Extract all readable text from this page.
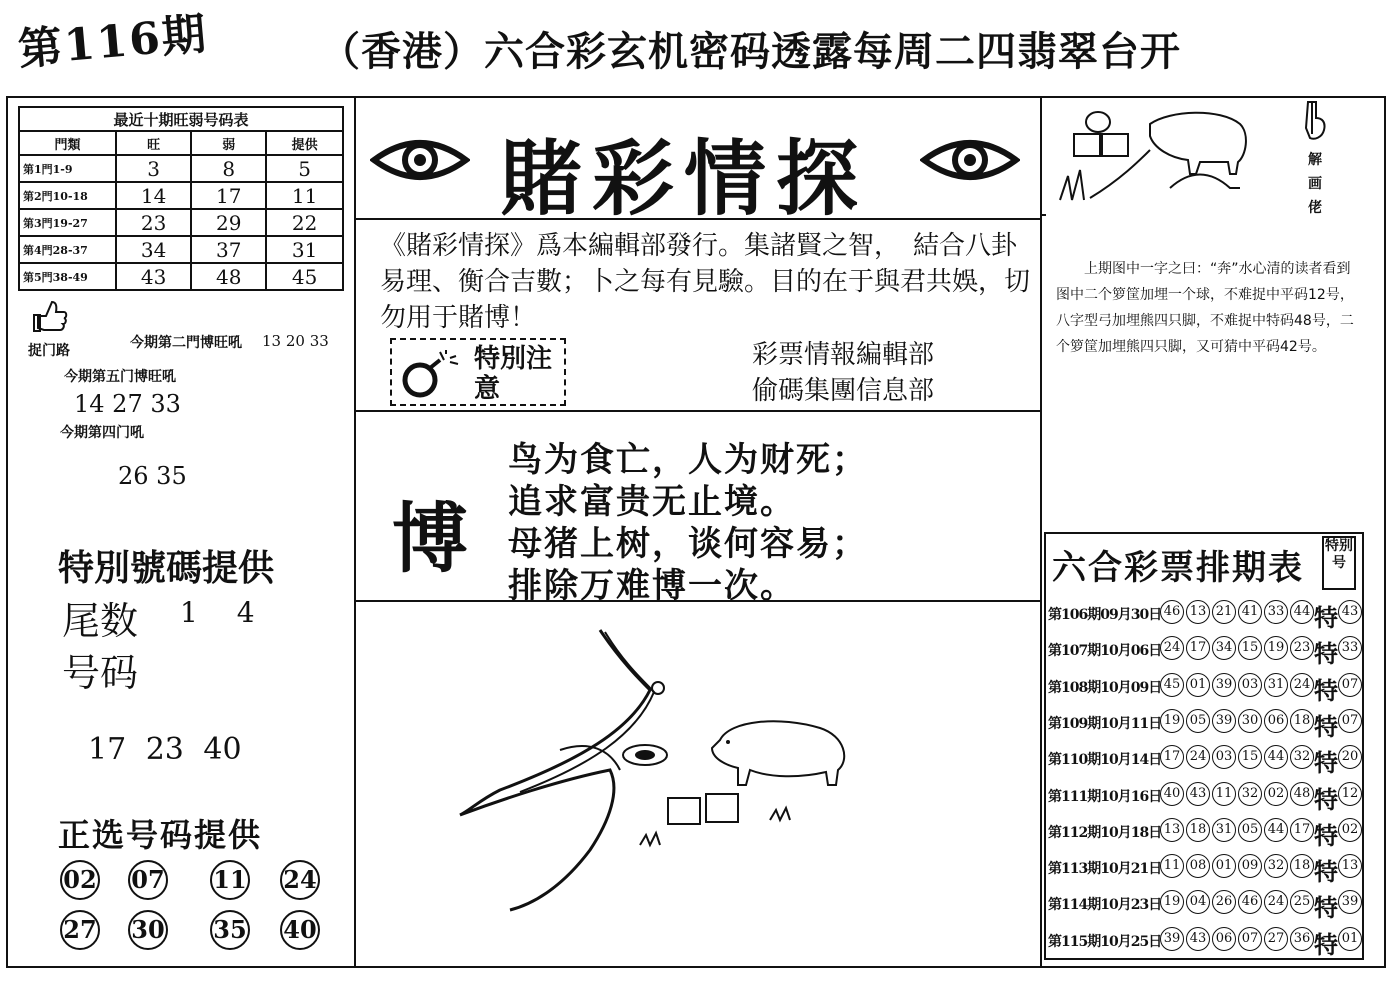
第116期	（香港）六合彩玄机密码透露每周二四翡翠台开
最近十期旺弱号码表			
門類	旺	弱	提供
第1門1-9	3	8	5
第2門10-18	14	17	11
第3門19-27	23	29	22
第4門28-37	34	37	31
第5門38-49	43	48	45
捉门路	今期第二門博旺吼 13 20 33
今期第五门博旺吼
14 27 33
今期第四门吼
26 35
特別號碼提供
尾数 1 4
号码
17 23 40
正选号码提供
02 07 11 24
27 30 35 40
賭彩情探
《賭彩情探》爲本編輯部發行。集諸賢之智，　結合八卦易理、衡合吉數；卜之每有見驗。目的在于與君共娛，切勿用于賭博！
特別注意
彩票情報編輯部
偷碼集團信息部
博
鸟为食亡，人为财死；
追求富贵无止境。
母猪上树，谈何容易；
排除万难博一次。
解画佬
上期图中一字之曰：“奔”水心清的读者看到图中二个箩筐加埋一个球，不难捉中平码12号，八字型弓加埋熊四只脚，不难捉中特码48号，二个箩筐加埋熊四只脚，又可猜中平码42号。
六合彩票排期表
特别号
第106期09月30日 46 13 21 41 33 44 特 43
第107期10月06日 24 17 34 15 19 23 特 33
第108期10月09日 45 01 39 03 31 24 特 07
第109期10月11日 19 05 39 30 06 18 特 07
第110期10月14日 17 24 03 15 44 32 特 20
第111期10月16日 40 43 11 32 02 48 特 12
第112期10月18日 13 18 31 05 44 17 特 02
第113期10月21日 11 08 01 09 32 18 特 13
第114期10月23日 19 04 26 46 24 25 特 39
第115期10月25日 39 43 06 07 27 36 特 01
